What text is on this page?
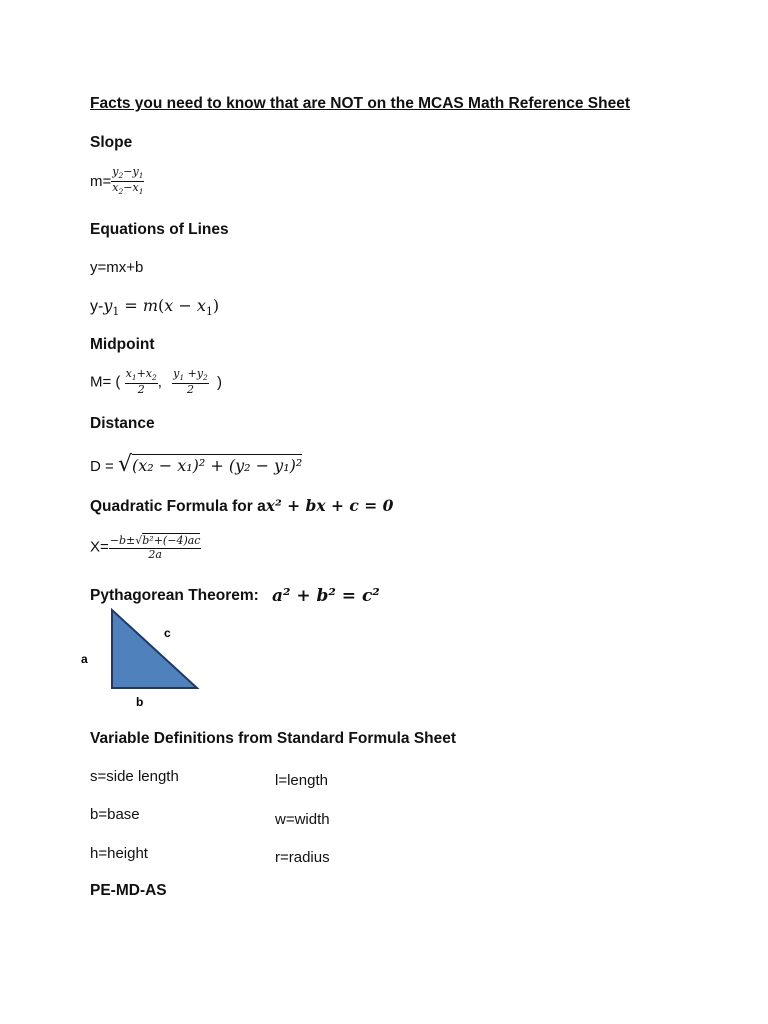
Facts you need to know that are NOT on the MCAS Math Reference Sheet
Slope
$m= \frac{y_2-y_1}{x_2-x_1}$
Equations of Lines
y=mx+b
$y-y_1 = m(x - x_1)$
Midpoint
M= ( $\frac{x_1+x_2}{2}$ , $\frac{y_1 +y_2}{2}$ )
Distance
D = √(x₂ − x₁)² + (y₂ − y₁)²
Quadratic Formula for ax² + bx + c = 0
$X= \frac{\text{−b±√b²+(−4)ac}}{2a}$
Pythagorean Theorem: a² + b² = c²
a
b
c
Variable Definitions from Standard Formula Sheet
s=side length
b=base
h=height
l=length
w=width
r=radius
PE-MD-AS
